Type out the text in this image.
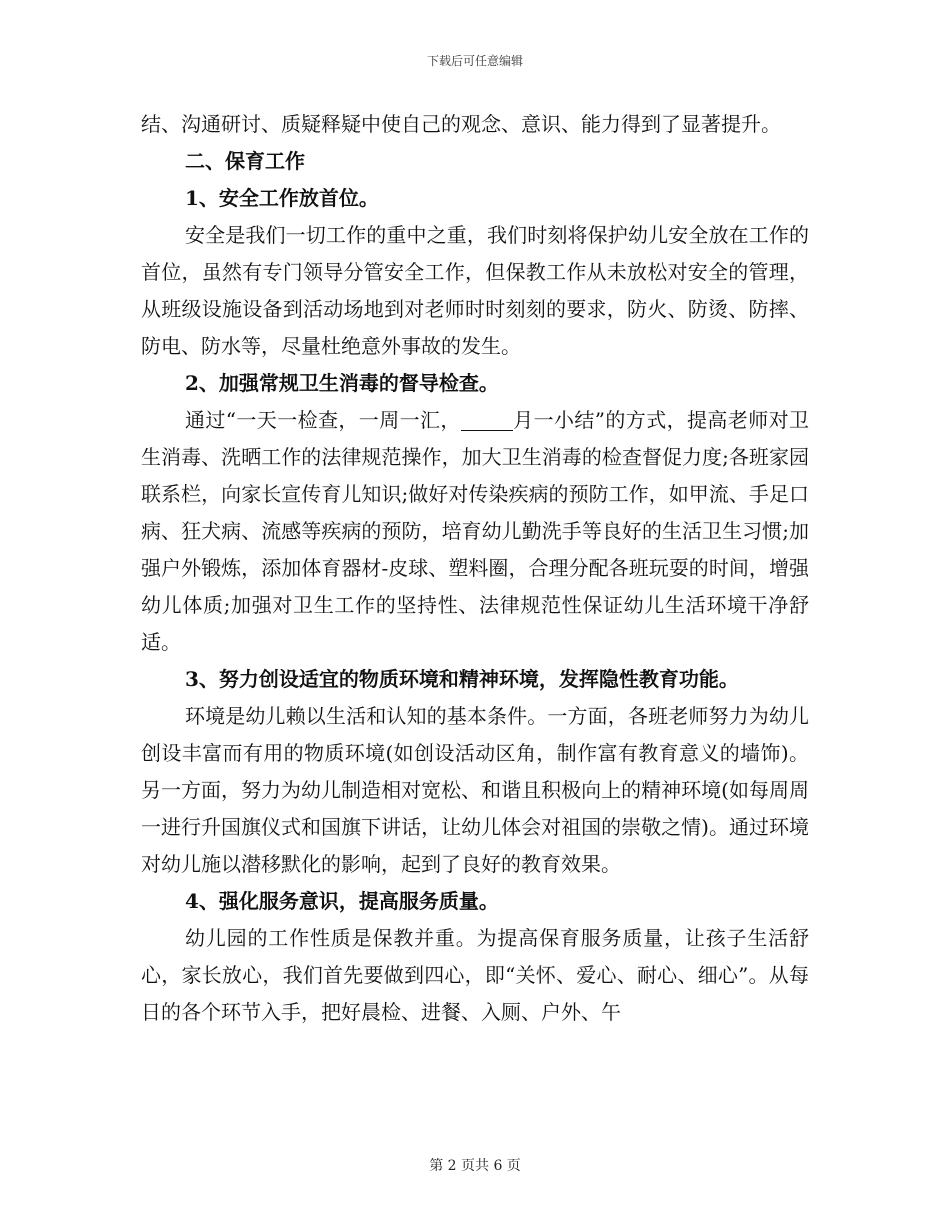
下载后可任意编辑

结、沟通研讨、质疑释疑中使自己的观念、意识、能力得到了显著提升。

二、保育工作

1、安全工作放首位。

安全是我们一切工作的重中之重，我们时刻将保护幼儿安全放在工作的首位，虽然有专门领导分管安全工作，但保教工作从未放松对安全的管理，从班级设施设备到活动场地到对老师时时刻刻的要求，防火、防烫、防摔、防电、防水等，尽量杜绝意外事故的发生。

2、加强常规卫生消毒的督导检查。

通过“一天一检查，一周一汇，	月一小结”的方式，提高老师对卫生消毒、洗晒工作的法律规范操作，加大卫生消毒的检查督促力度;各班家园联系栏，向家长宣传育儿知识;做好对传染疾病的预防工作，如甲流、手足口病、狂犬病、流感等疾病的预防，培育幼儿勤洗手等良好的生活卫生习惯;加强户外锻炼，添加体育器材-皮球、塑料圈，合理分配各班玩耍的时间，增强幼儿体质;加强对卫生工作的坚持性、法律规范性保证幼儿生活环境干净舒适。

3、努力创设适宜的物质环境和精神环境，发挥隐性教育功能。

环境是幼儿赖以生活和认知的基本条件。一方面，各班老师努力为幼儿创设丰富而有用的物质环境(如创设活动区角，制作富有教育意义的墙饰)。另一方面，努力为幼儿制造相对宽松、和谐且积极向上的精神环境(如每周周一进行升国旗仪式和国旗下讲话，让幼儿体会对祖国的崇敬之情)。通过环境对幼儿施以潜移默化的影响，起到了良好的教育效果。

4、强化服务意识，提高服务质量。

幼儿园的工作性质是保教并重。为提高保育服务质量，让孩子生活舒心，家长放心，我们首先要做到四心，即“关怀、爱心、耐心、细心”。从每日的各个环节入手，把好晨检、进餐、入厕、户外、午

第 2 页共 6 页
